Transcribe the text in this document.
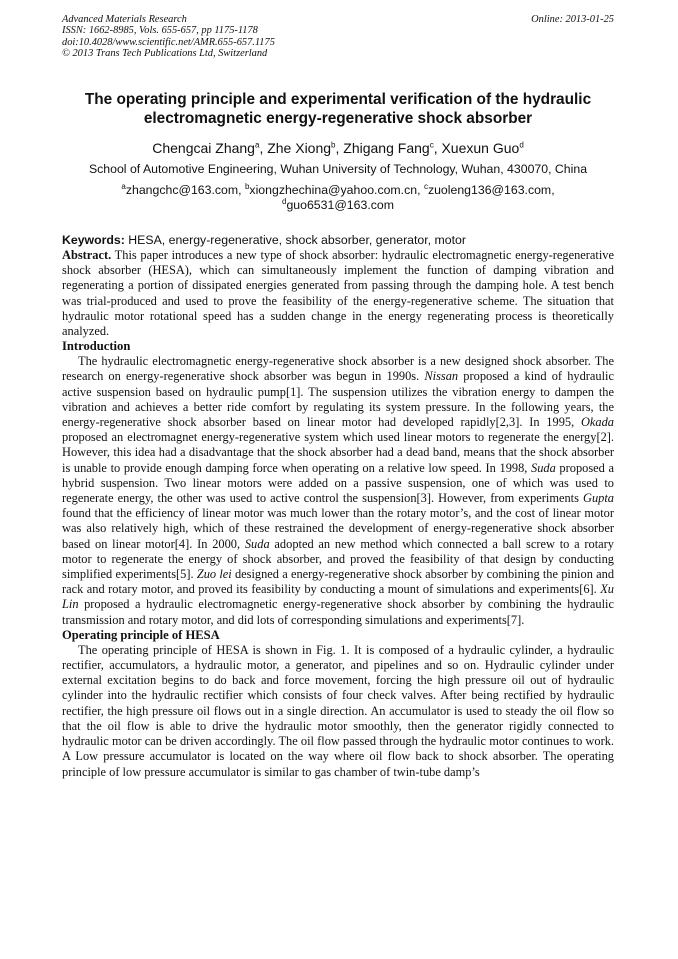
Advanced Materials Research
ISSN: 1662-8985, Vols. 655-657, pp 1175-1178
doi:10.4028/www.scientific.net/AMR.655-657.1175
© 2013 Trans Tech Publications Ltd, Switzerland
Online: 2013-01-25
The operating principle and experimental verification of the hydraulic electromagnetic energy-regenerative shock absorber
Chengcai Zhang$^a$, Zhe Xiong$^b$, Zhigang Fang$^c$, Xuexun Guo$^d$
School of Automotive Engineering, Wuhan University of Technology, Wuhan, 430070, China
$^a$zhangchc@163.com, $^b$xiongzhechina@yahoo.com.cn, $^c$zuoleng136@163.com,
$^d$guo6531@163.com
Keywords: HESA, energy-regenerative, shock absorber, generator, motor

Abstract. This paper introduces a new type of shock absorber: hydraulic electromagnetic energy-regenerative shock absorber (HESA), which can simultaneously implement the function of damping vibration and regenerating a portion of dissipated energies generated from passing through the damping hole. A test bench was trial-produced and used to prove the feasibility of the energy-regenerative scheme. The situation that hydraulic motor rotational speed has a sudden change in the energy regenerating process is theoretically analyzed.

Introduction

The hydraulic electromagnetic energy-regenerative shock absorber is a new designed shock absorber. The research on energy-regenerative shock absorber was begun in 1990s. Nissan proposed a kind of hydraulic active suspension based on hydraulic pump[1]. The suspension utilizes the vibration energy to dampen the vibration and achieves a better ride comfort by regulating its system pressure. In the following years, the energy-regenerative shock absorber based on linear motor had developed rapidly[2,3]. In 1995, Okada proposed an electromagnet energy-regenerative system which used linear motors to regenerate the energy[2]. However, this idea had a disadvantage that the shock absorber had a dead band, means that the shock absorber is unable to provide enough damping force when operating on a relative low speed. In 1998, Suda proposed a hybrid suspension. Two linear motors were added on a passive suspension, one of which was used to regenerate energy, the other was used to active control the suspension[3]. However, from experiments Gupta found that the efficiency of linear motor was much lower than the rotary motor’s, and the cost of linear motor was also relatively high, which of these restrained the development of energy-regenerative shock absorber based on linear motor[4]. In 2000, Suda adopted an new method which connected a ball screw to a rotary motor to regenerate the energy of shock absorber, and proved the feasibility of that design by conducting simplified experiments[5]. Zuo lei designed a energy-regenerative shock absorber by combining the pinion and rack and rotary motor, and proved its feasibility by conducting a mount of simulations and experiments[6]. Xu Lin proposed a hydraulic electromagnetic energy-regenerative shock absorber by combining the hydraulic transmission and rotary motor, and did lots of corresponding simulations and experiments[7].

Operating principle of HESA

The operating principle of HESA is shown in Fig. 1. It is composed of a hydraulic cylinder, a hydraulic rectifier, accumulators, a hydraulic motor, a generator, and pipelines and so on. Hydraulic cylinder under external excitation begins to do back and force movement, forcing the high pressure oil out of hydraulic cylinder into the hydraulic rectifier which consists of four check valves. After being rectified by hydraulic rectifier, the high pressure oil flows out in a single direction. An accumulator is used to steady the oil flow so that the oil flow is able to drive the hydraulic motor smoothly, then the generator rigidly connected to hydraulic motor can be driven accordingly. The oil flow passed through the hydraulic motor continues to work. A Low pressure accumulator is located on the way where oil flow back to shock absorber. The operating principle of low pressure accumulator is similar to gas chamber of twin-tube damp’s
